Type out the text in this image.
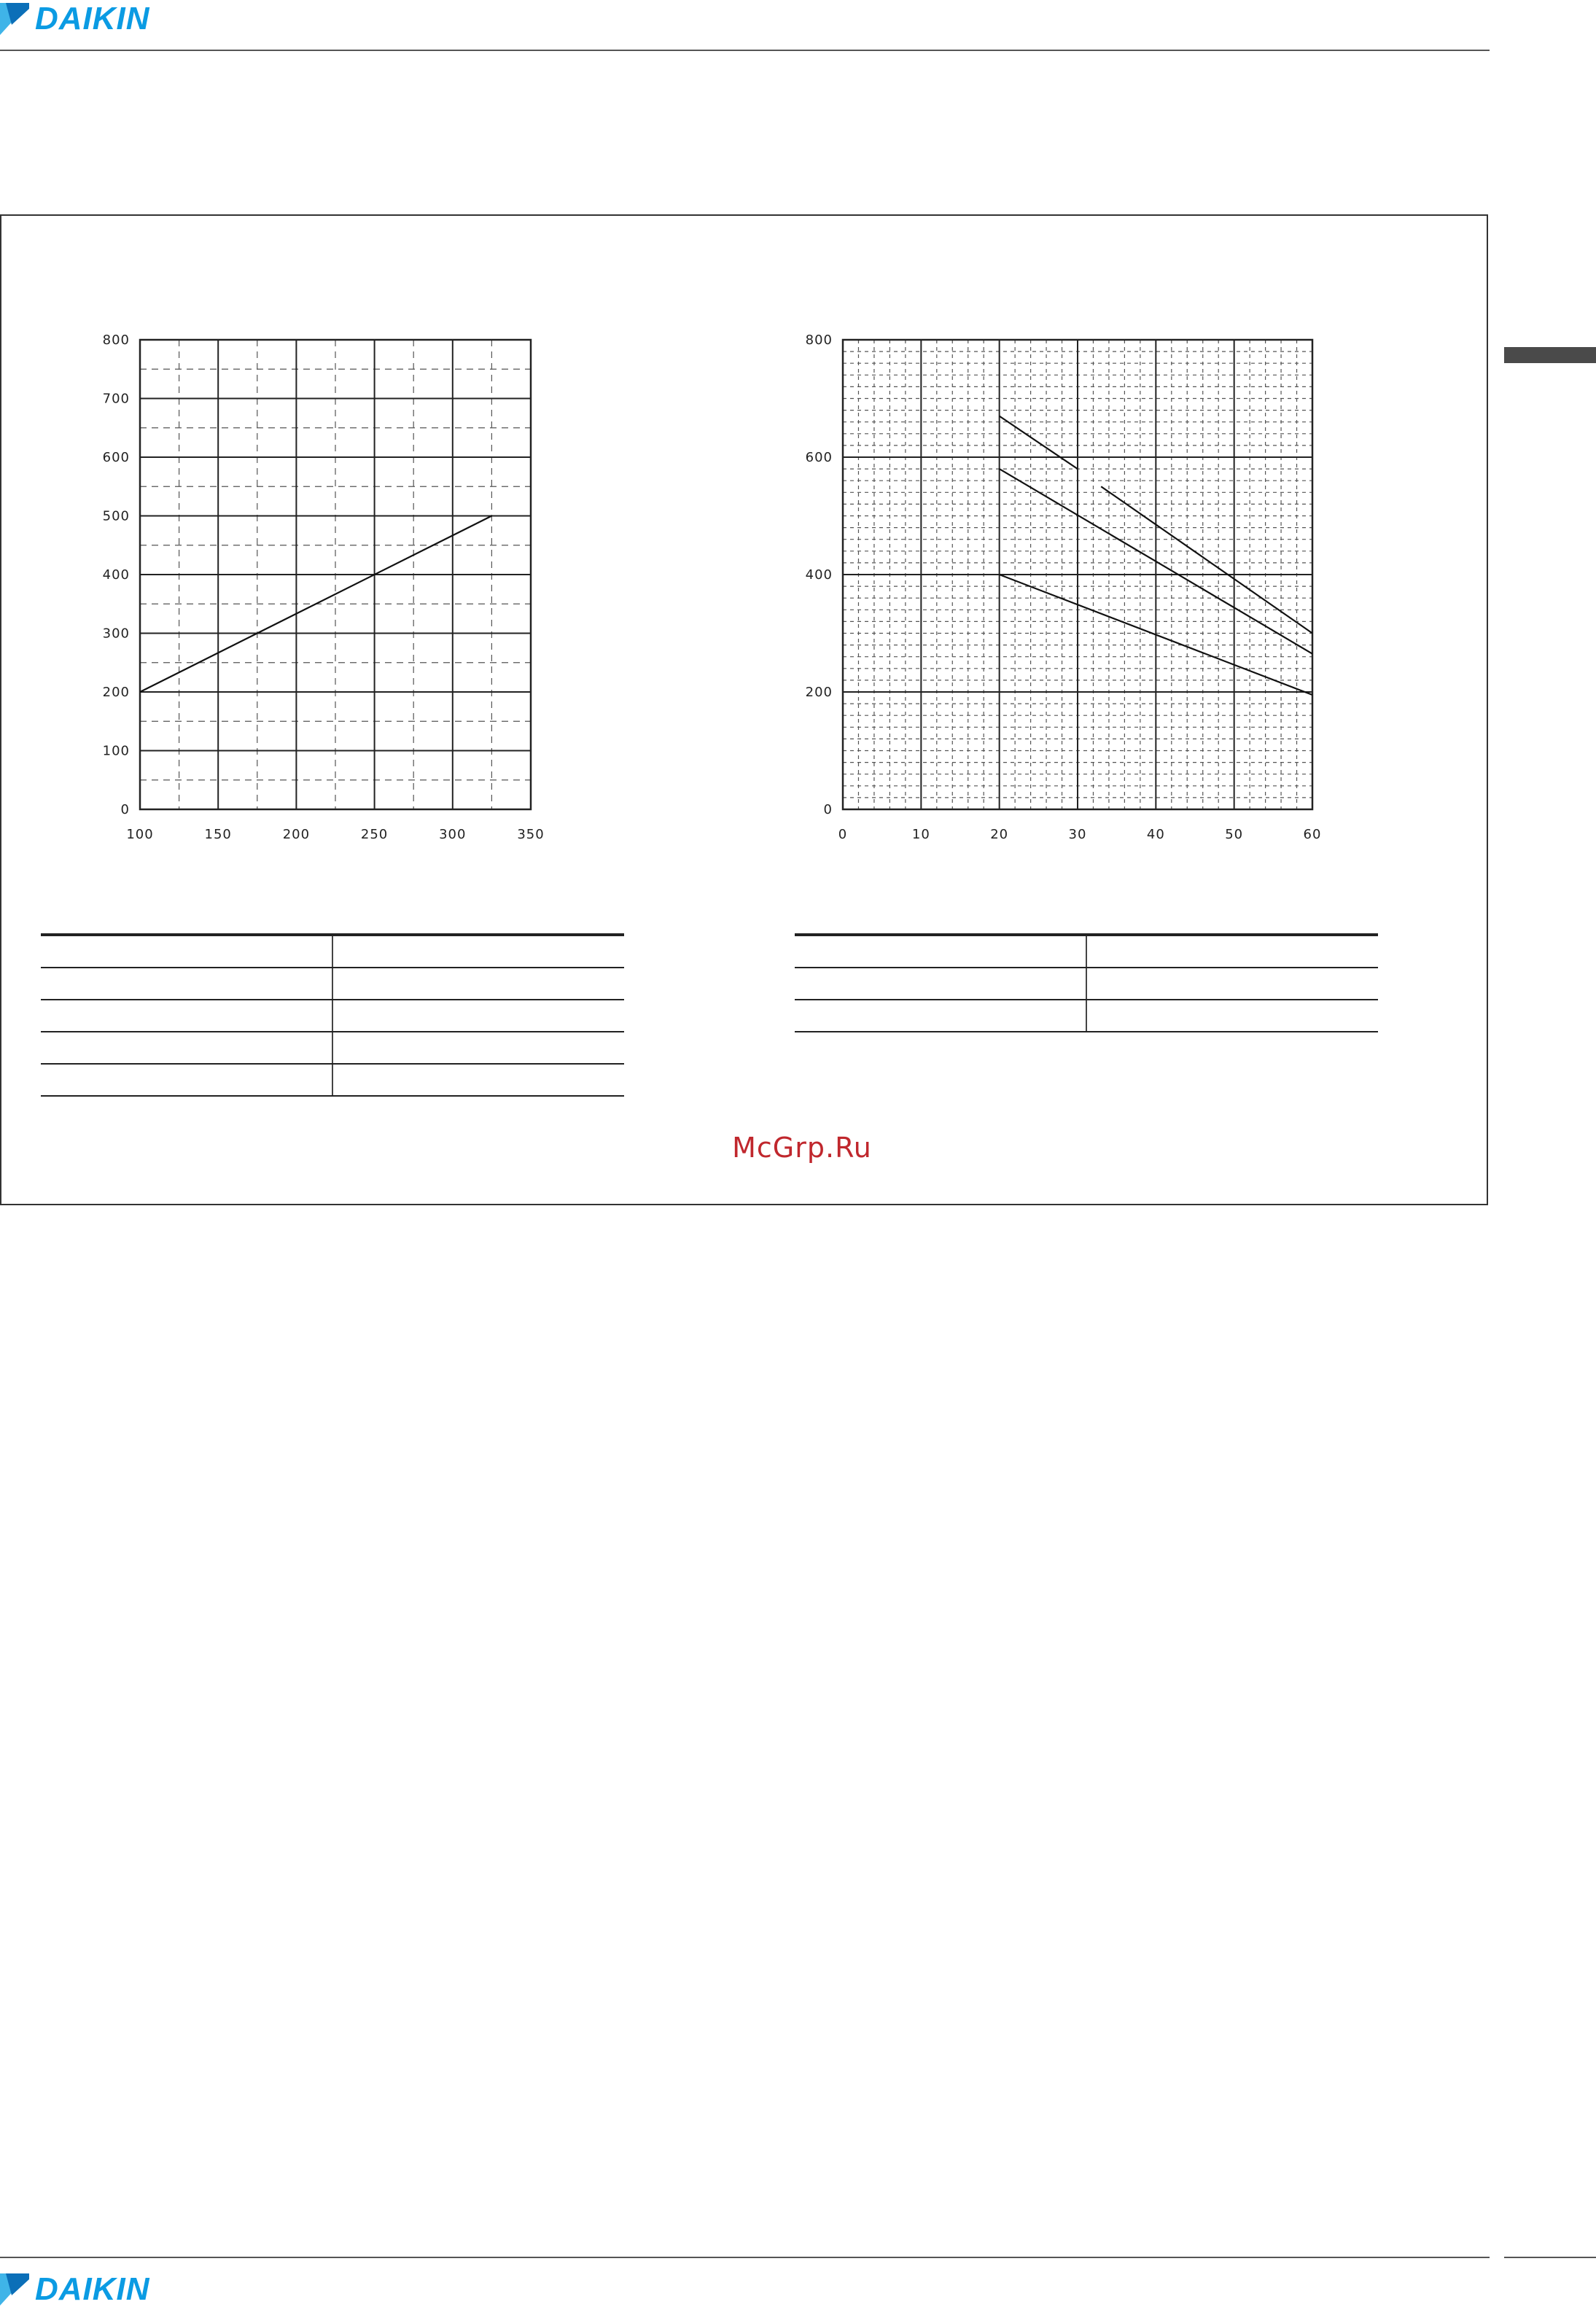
DAIKIN
100	150	200	250	300	350
0
100
200
300
400
500
600
700
800
0	10	20	30	40	50	60
0
200
400
600
800

McGrp.Ru
DAIKIN
